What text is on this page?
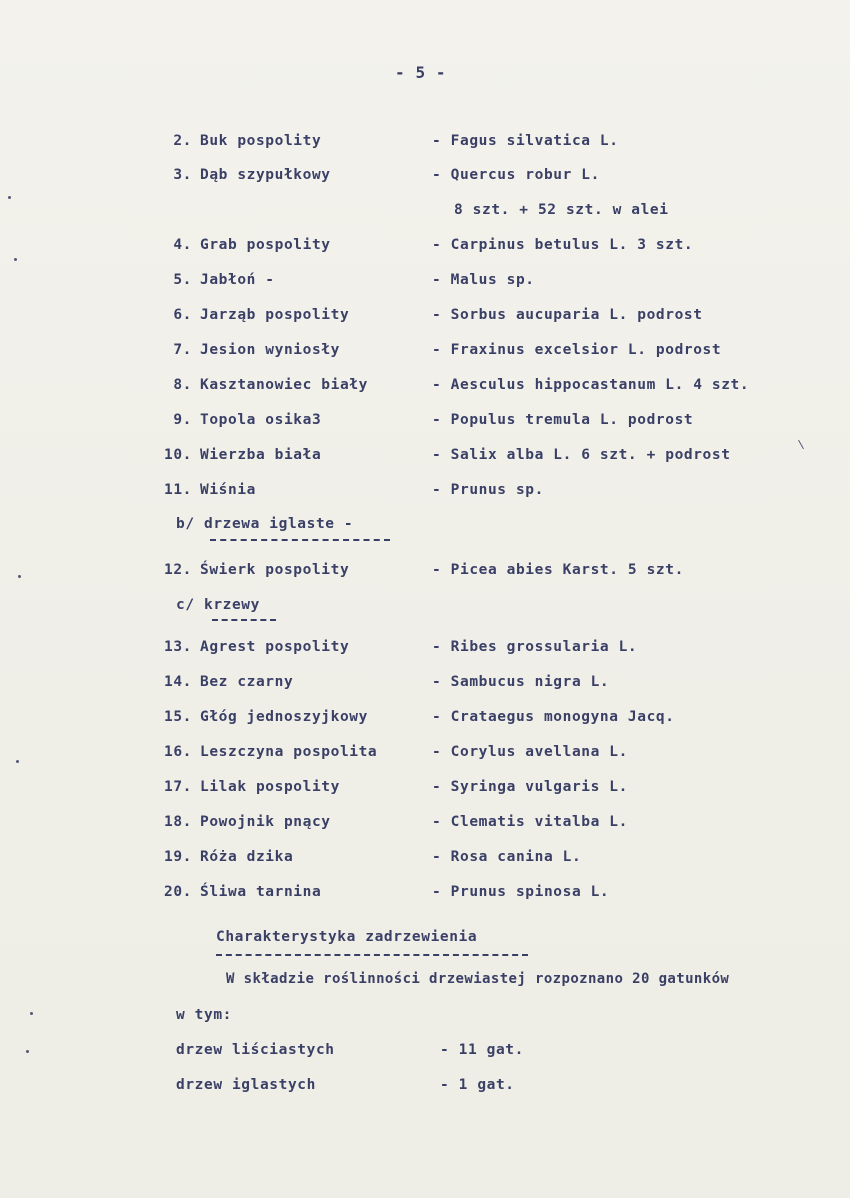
- 5 -
2. Buk pospolity	- Fagus silvatica L.
3. Dąb szypułkowy	- Quercus robur L.
8 szt. + 52 szt. w alei
4. Grab pospolity	- Carpinus betulus L. 3 szt.
5. Jabłoń -	- Malus sp.
6. Jarząb pospolity	- Sorbus aucuparia L. podrost
7. Jesion wyniosły	- Fraxinus excelsior L. podrost
8. Kasztanowiec biały	- Aesculus hippocastanum L. 4 szt.
9. Topola osika3	- Populus tremula L. podrost
10. Wierzba biała	- Salix alba L. 6 szt. + podrost
11. Wiśnia	- Prunus sp.
b/ drzewa iglaste -
12. Świerk pospolity	- Picea abies Karst. 5 szt.
c/ krzewy
13. Agrest pospolity	- Ribes grossularia L.
14. Bez czarny	- Sambucus nigra L.
15. Głóg jednoszyjkowy	- Crataegus monogyna Jacq.
16. Leszczyna pospolita	- Corylus avellana L.
17. Lilak pospolity	- Syringa vulgaris L.
18. Powojnik pnący	- Clematis vitalba L.
19. Róża dzika	- Rosa canina L.
20. Śliwa tarnina	- Prunus spinosa L.
Charakterystyka zadrzewienia
W składzie roślinności drzewiastej rozpoznano 20 gatunków
w tym:
drzew liściastych	- 11 gat.
drzew iglastych	- 1 gat.
